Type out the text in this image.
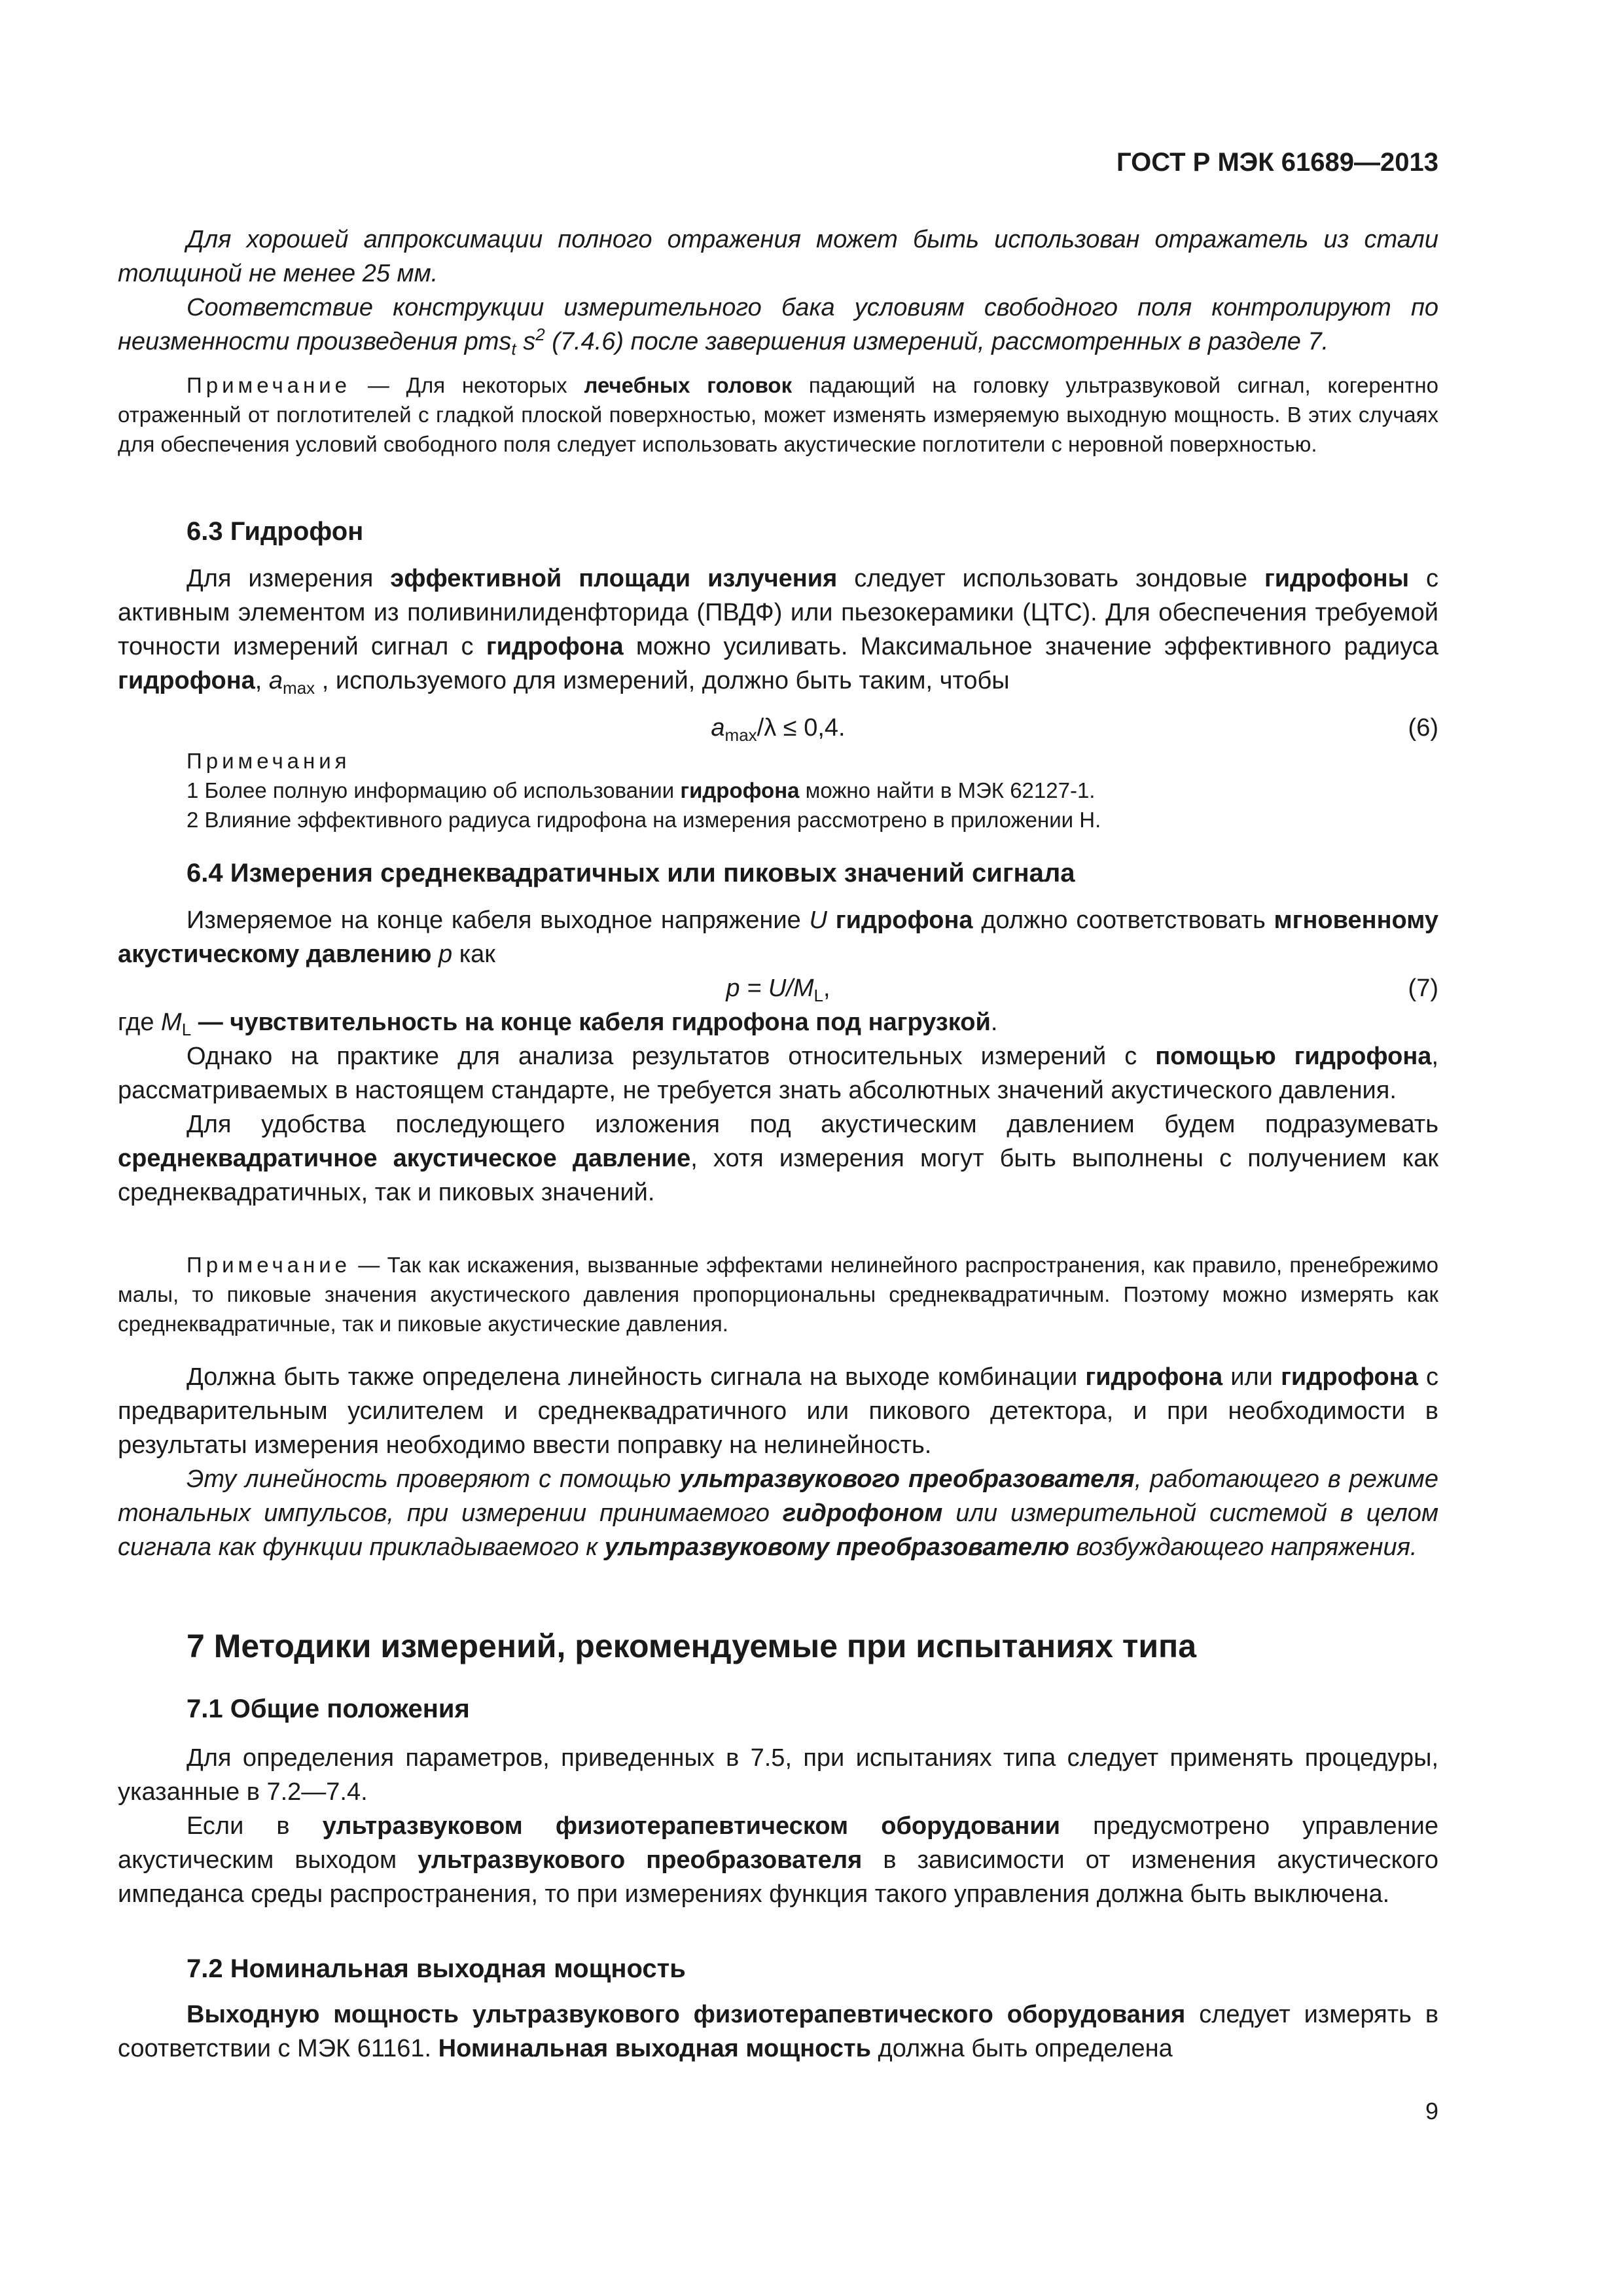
ГОСТ Р МЭК 61689—2013

Для хорошей аппроксимации полного отражения может быть использован отражатель из стали толщиной не менее 25 мм.

Соответствие конструкции измерительного бака условиям свободного поля контролируют по неизменности произведения pms$_t$ $s^2$ (7.4.6) после завершения измерений, рассмотренных в разделе 7.

Примечание — Для некоторых лечебных головок падающий на головку ультразвуковой сигнал, когерентно отраженный от поглотителей с гладкой плоской поверхностью, может изменять измеряемую выходную мощность. В этих случаях для обеспечения условий свободного поля следует использовать акустические поглотители с неровной поверхностью.

6.3 Гидрофон

Для измерения эффективной площади излучения следует использовать зондовые гидрофоны с активным элементом из поливинилиденфторида (ПВДФ) или пьезокерамики (ЦТС). Для обеспечения требуемой точности измерений сигнал с гидрофона можно усиливать. Максимальное значение эффективного радиуса гидрофона, $a_{max}$ , используемого для измерений, должно быть таким, чтобы

$a_{max}/\lambda \le 0,4$.	(6)

Примечания

1 Более полную информацию об использовании гидрофона можно найти в МЭК 62127-1.

2 Влияние эффективного радиуса гидрофона на измерения рассмотрено в приложении Н.

6.4 Измерения среднеквадратичных или пиковых значений сигнала

Измеряемое на конце кабеля выходное напряжение U гидрофона должно соответствовать мгновенному акустическому давлению p как

$p = U/M_L$,	(7)

где $M_L$ — чувствительность на конце кабеля гидрофона под нагрузкой.

Однако на практике для анализа результатов относительных измерений с помощью гидрофона, рассматриваемых в настоящем стандарте, не требуется знать абсолютных значений акустического давления.

Для удобства последующего изложения под акустическим давлением будем подразумевать среднеквадратичное акустическое давление, хотя измерения могут быть выполнены с получением как среднеквадратичных, так и пиковых значений.

Примечание — Так как искажения, вызванные эффектами нелинейного распространения, как правило, пренебрежимо малы, то пиковые значения акустического давления пропорциональны среднеквадратичным. Поэтому можно измерять как среднеквадратичные, так и пиковые акустические давления.

Должна быть также определена линейность сигнала на выходе комбинации гидрофона или гидрофона с предварительным усилителем и среднеквадратичного или пикового детектора, и при необходимости в результаты измерения необходимо ввести поправку на нелинейность.

Эту линейность проверяют с помощью ультразвукового преобразователя, работающего в режиме тональных импульсов, при измерении принимаемого гидрофоном или измерительной системой в целом сигнала как функции прикладываемого к ультразвуковому преобразователю возбуждающего напряжения.

7 Методики измерений, рекомендуемые при испытаниях типа
7.1 Общие положения

Для определения параметров, приведенных в 7.5, при испытаниях типа следует применять процедуры, указанные в 7.2—7.4.

Если в ультразвуковом физиотерапевтическом оборудовании предусмотрено управление акустическим выходом ультразвукового преобразователя в зависимости от изменения акустического импеданса среды распространения, то при измерениях функция такого управления должна быть выключена.

7.2 Номинальная выходная мощность

Выходную мощность ультразвукового физиотерапевтического оборудования следует измерять в соответствии с МЭК 61161. Номинальная выходная мощность должна быть определена

9
